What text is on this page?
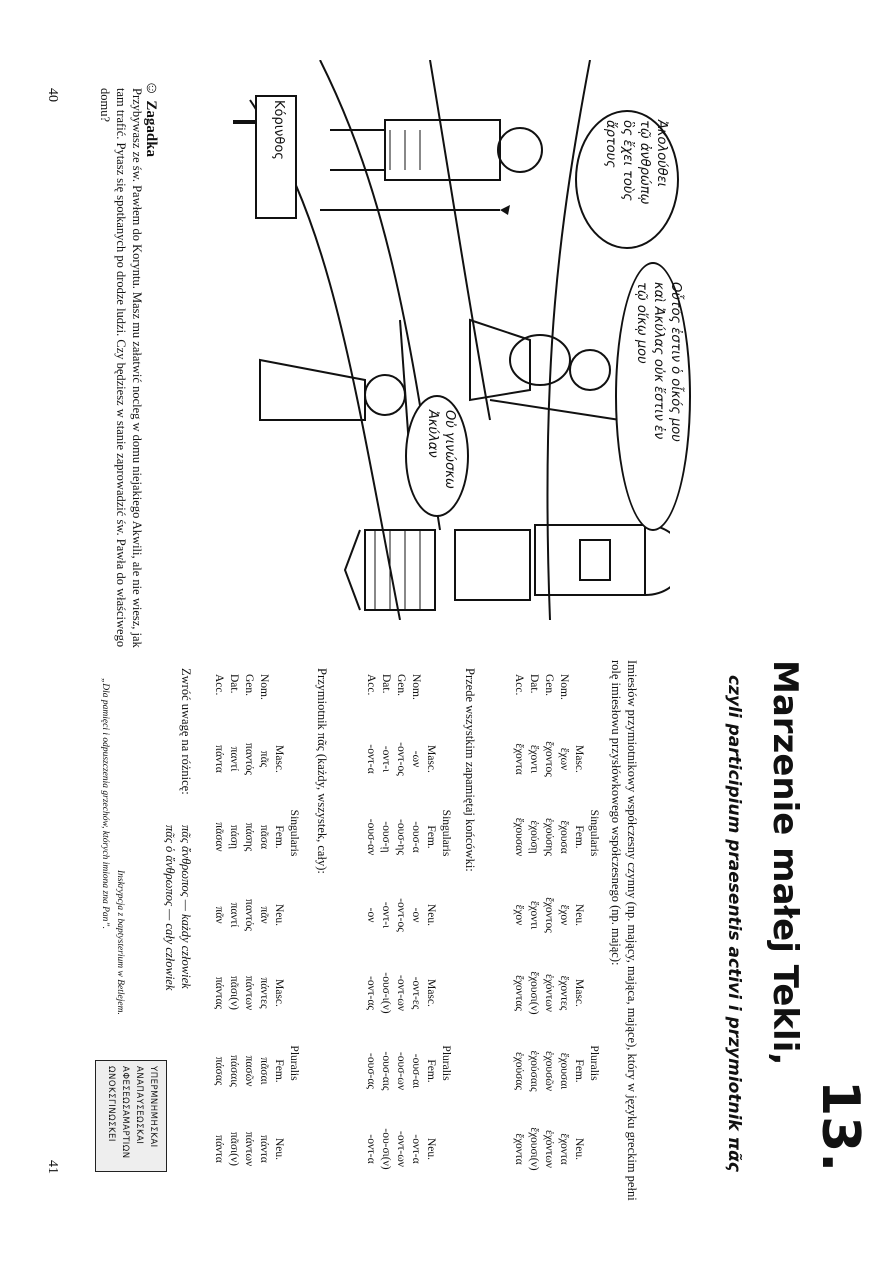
40
41
☺ Zagadka
Przybywasz ze św. Pawłem do Koryntu. Masz mu załatwić nocleg w domu niejakiego Akwili, ale nie wiesz, jak tam trafić. Pytasz się spotkanych po drodze ludzi. Czy będziesz w stanie zaprowadzić św. Pawła do właściwego domu?	Κόρινθος	Ἀκολούθει
τῷ ἀνθρώπῳ
ὃς ἔχει τοὺς
ἄρτους
Οὗτός ἐστιν ὁ οἶκός μου
καὶ Ἀκύλας οὐκ ἔστιν ἐν
τῷ οἴκῳ μου
Οὐ γινώσκω
Ἀκύλαν
13.
Marzenie małej Tekli,
czyli participium praesentis activi i przymiotnik πᾶς
Imiesłów przymiotnikowy współczesny czynny (np. mający, mająca, mające), który w języku greckim pełni rolę imiesłowu przysłówkowego współczesnego (np. mając):
Singularis
Pluralis
	Masc.	Fem.	Neu.	Masc.	Fem.	Neu.
Nom.	ἔχων	ἔχουσα	ἔχον	ἔχοντες	ἔχουσαι	ἔχοντα
Gen.	ἔχοντος	ἐχούσης	ἔχοντος	ἐχόντων	ἐχουσῶν	ἐχόντων
Dat.	ἔχοντι	ἐχούσῃ	ἔχοντι	ἔχουσι(ν)	ἐχούσαις	ἔχουσι(ν)
Acc.	ἔχοντα	ἔχουσαν	ἔχον	ἔχοντας	ἐχούσας	ἔχοντα
Przede wszystkim zapamiętaj końcówki:
Singularis
Pluralis
	Masc.	Fem.	Neu.	Masc.	Fem.	Neu.
Nom.	-ων	-ουσ-α	-ον	-οντ-ες	-ουσ-αι	-οντ-α
Gen.	-οντ-ος	-ουσ-ης	-οντ-ος	-οντ-ων	-ουσ-ων	-οντ-ων
Dat.	-οντ-ι	-ουσ-ῃ	-οντ-ι	-ουσ-ι(ν)	-ουσ-αις	-ου-σι(ν)
Acc.	-οντ-α	-ουσ-αν	-ον	-οντ-ας	-ουσ-ας	-οντ-α
Przymiotnik πᾶς (każdy, wszystek, cały):
Singularis
Pluralis
	Masc.	Fem.	Neu.	Masc.	Fem.	Neu.
Nom.	πᾶς	πᾶσα	πᾶν	πάντες	πᾶσαι	πάντα
Gen.	παντός	πάσης	παντός	πάντων	πασῶν	πάντων
Dat.	παντί	πάσῃ	παντί	πᾶσι(ν)	πάσαις	πᾶσι(ν)
Acc.	πάντα	πᾶσαν	πᾶν	πάντας	πάσας	πάντα
Zwróć uwagę na różnicę:
πᾶς ἄνθρωπος — każdy człowiek
πᾶς ὁ ἄνθρωπος — cały człowiek
Inskrypcja z baptysterium w Betlejem.
„Dla pamięci i odpuszczenia grzechów, których imiona zna Pan”.
ΥΠΕΡΜΝΗΜΗΣΚΑΙ
ΑΝΑΠΑΥΣΕΩΣΚΑΙ
ΑΦΕΣΕΩΣΑΜΑΡΤΙΩΝ
ΩΝΟΚΣΓΙΝΩΣΚΕΙ
